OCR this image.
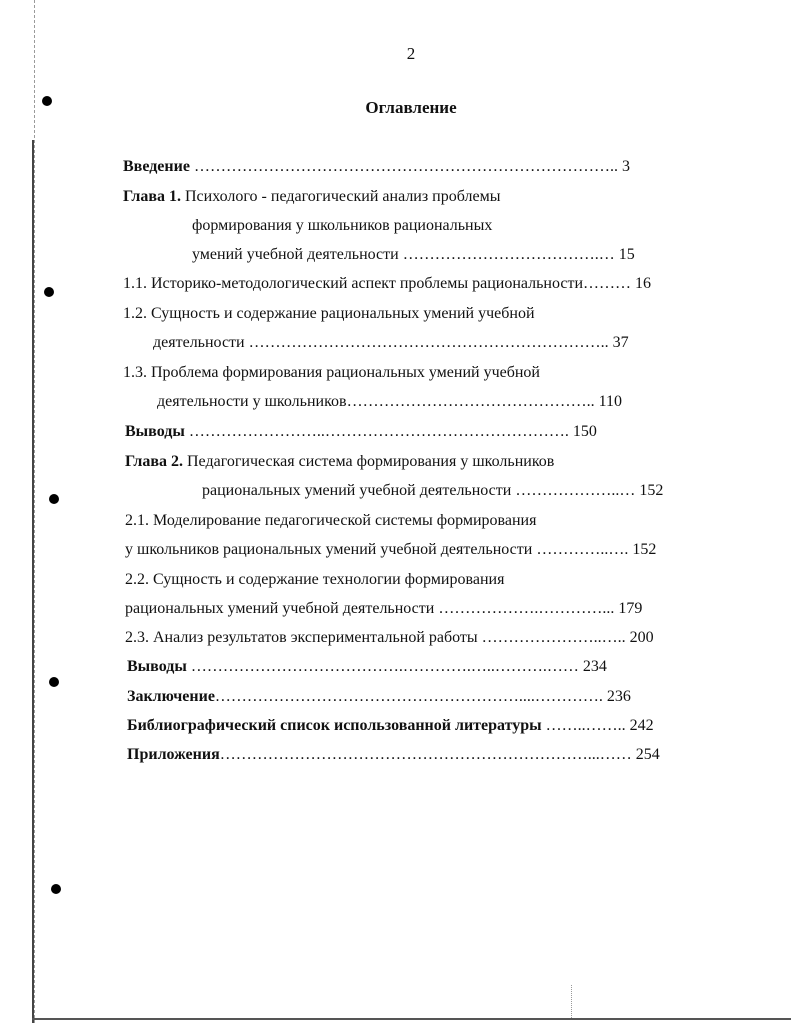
2
Оглавление
Введение …………………………………………………………………….. 3
Глава 1. Психолого - педагогический анализ проблемы
формирования у школьников рациональных
умений учебной деятельности ……………………………….… 15
1.1. Историко-методологический аспект проблемы рациональности……… 16
1.2. Сущность и содержание рациональных умений учебной
деятельности ………………………………………………………….. 37
1.3. Проблема формирования рациональных умений учебной
деятельности у школьников……………………………………….. 110
Выводы ……………………..………………………………………. 150
Глава 2. Педагогическая система формирования у школьников
рациональных умений учебной деятельности ………………..… 152
2.1. Моделирование педагогической системы формирования
у школьников рациональных умений учебной деятельности …………..…. 152
2.2. Сущность и содержание технологии формирования
рациональных умений учебной деятельности ……………….…………... 179
2.3. Анализ результатов экспериментальной работы …………………..….. 200
Выводы ………………………………….………….…..……….…… 234
Заключение…………………………………………………....…………. 236
Библиографический список использованной литературы ……..…….. 242
Приложения……………………………………………………………...…… 254
